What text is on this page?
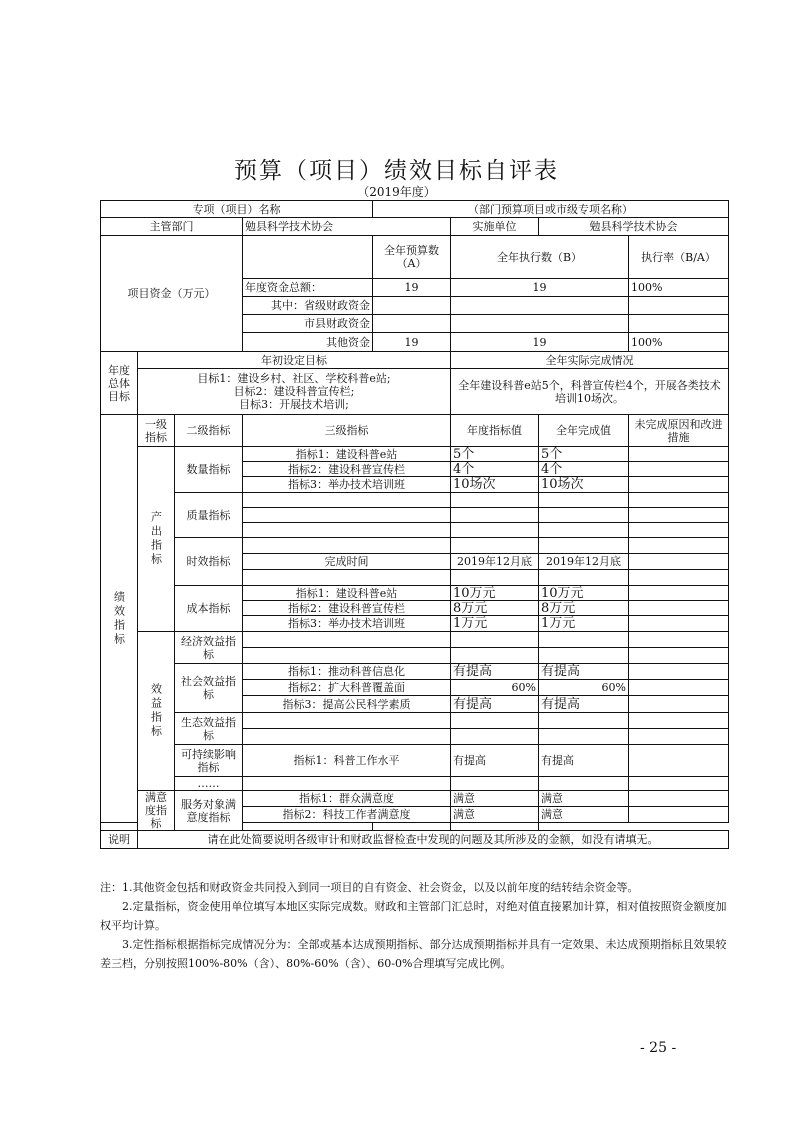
预算（项目）绩效目标自评表
（2019年度）
专项（项目）名称				（部门预算项目或市级专项名称）			
主管部门			勉县科学技术协会		实施单位	勉县科学技术协会	
项目资金（万元）				全年预算数（A）	全年执行数（B）		执行率（B/A）
			年度资金总额：	19	19		100%
			其中：省级财政资金				
			市县财政资金				
			其他资金	19	19		100%
年度总体目标	年初设定目标				全年实际完成情况		

	目标1：建设乡村、社区、学校科普e站;
目标2：建设科普宣传栏;
目标3：开展技术培训;				全年建设科普e站5个，科普宣传栏4个，开展各类技术培训10场次。		

绩效指标	一级指标	二级指标	三级指标		年度指标值	全年完成值	未完成原因和改进措施

	产出指标	数量指标	指标1：建设科普e站		5个	5个	
			指标2：建设科普宣传栏		4个	4个	
			指标3：举办技术培训班		10场次	10场次	
		质量指标					

		时效指标					
			完成时间		2019年12月底	2019年12月底	

		成本指标	指标1：建设科普e站		10万元	10万元	
			指标2：建设科普宣传栏		8万元	8万元	
			指标3：举办技术培训班		1万元	1万元	

	效益指标	经济效益指标					

		社会效益指标	指标1：推动科普信息化		有提高	有提高	
			指标2：扩大科普覆盖面		60%	60%	
			指标3：提高公民科学素质		有提高	有提高	
		生态效益指标					

		可持续影响指标	指标1：科普工作水平		有提高	有提高	
		……					
	满意度指标	服务对象满意度指标	指标1：群众满意度		满意	满意	
			指标2：科技工作者满意度		满意	满意	

说明	请在此处简要说明各级审计和财政监督检查中发现的问题及其所涉及的金额，如没有请填无。						

注：1.其他资金包括和财政资金共同投入到同一项目的自有资金、社会资金，以及以前年度的结转结余资金等。

　　2.定量指标，资金使用单位填写本地区实际完成数。财政和主管部门汇总时，对绝对值直接累加计算，相对值按照资金额度加权平均计算。

　　3.定性指标根据指标完成情况分为：全部或基本达成预期指标、部分达成预期指标并具有一定效果、未达成预期指标且效果较差三档，分别按照100%-80%（含）、80%-60%（含）、60-0%合理填写完成比例。

- 25 -
